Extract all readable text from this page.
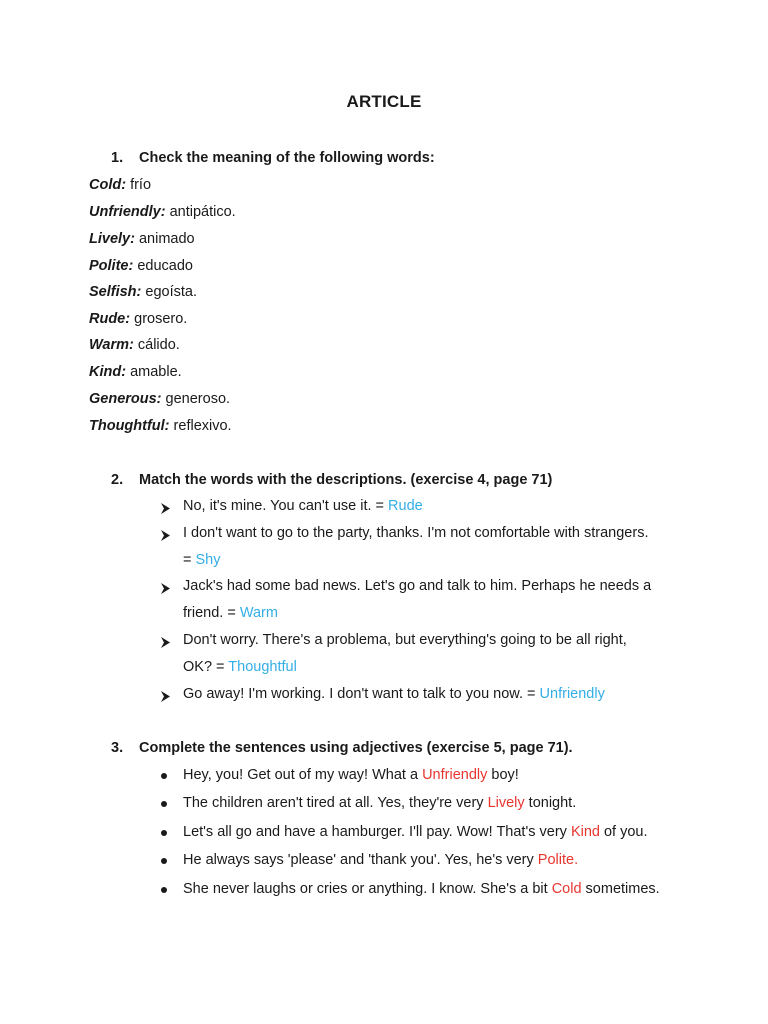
ARTICLE
1. Check the meaning of the following words:
Cold: frío
Unfriendly: antipático.
Lively: animado
Polite: educado
Selfish: egoísta.
Rude: grosero.
Warm: cálido.
Kind: amable.
Generous: generoso.
Thoughtful: reflexivo.
2. Match the words with the descriptions. (exercise 4, page 71)
No, it's mine. You can't use it. = Rude
I don't want to go to the party, thanks. I'm not comfortable with strangers.
= Shy
Jack's had some bad news. Let's go and talk to him. Perhaps he needs a
friend. = Warm
Don't worry. There's a problema, but everything's going to be all right,
OK? = Thoughtful
Go away! I'm working. I don't want to talk to you now. = Unfriendly
3. Complete the sentences using adjectives (exercise 5, page 71).
Hey, you! Get out of my way! What a Unfriendly boy!
The children aren't tired at all. Yes, they're very Lively tonight.
Let's all go and have a hamburger. I'll pay. Wow! That's very Kind of you.
He always says 'please' and 'thank you'. Yes, he's very Polite.
She never laughs or cries or anything. I know. She's a bit Cold sometimes.
